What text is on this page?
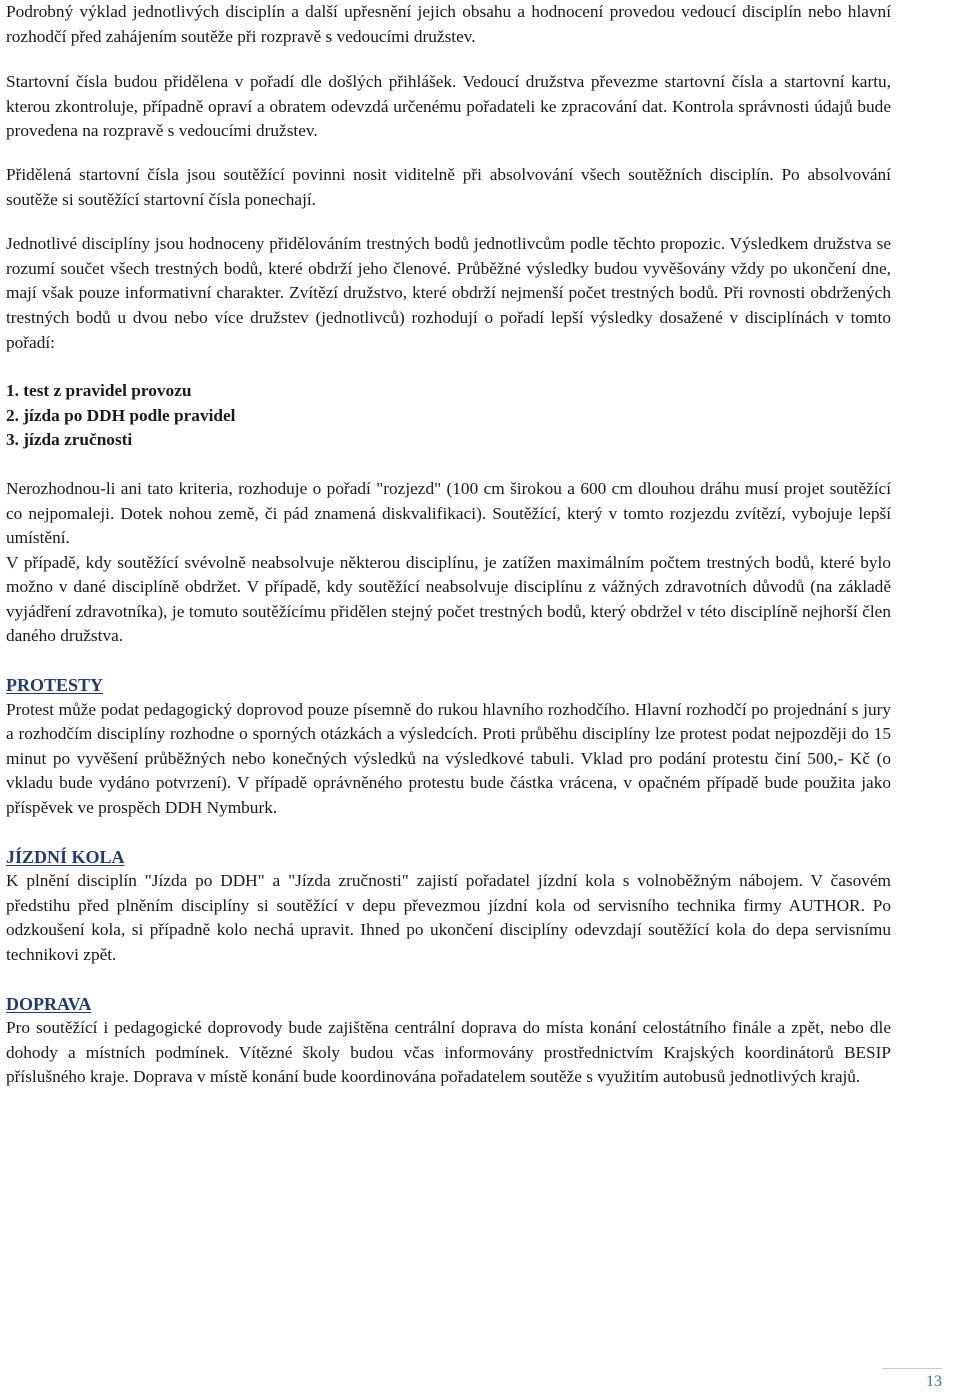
Podrobný výklad jednotlivých disciplín a další upřesnění jejich obsahu a hodnocení provedou vedoucí disciplín nebo hlavní rozhodčí před zahájením soutěže při rozpravě s vedoucími družstev.

Startovní čísla budou přidělena v pořadí dle došlých přihlášek. Vedoucí družstva převezme startovní čísla a startovní kartu, kterou zkontroluje, případně opraví a obratem odevzdá určenému pořadateli ke zpracování dat. Kontrola správnosti údajů bude provedena na rozpravě s vedoucími družstev.

Přidělená startovní čísla jsou soutěžící povinni nosit viditelně při absolvování všech soutěžních disciplín. Po absolvování soutěže si soutěžící startovní čísla ponechají.

Jednotlivé disciplíny jsou hodnoceny přidělováním trestných bodů jednotlivcům podle těchto propozic. Výsledkem družstva se rozumí součet všech trestných bodů, které obdrží jeho členové. Průběžné výsledky budou vyvěšovány vždy po ukončení dne, mají však pouze informativní charakter. Zvítězí družstvo, které obdrží nejmenší počet trestných bodů. Při rovnosti obdržených trestných bodů u dvou nebo více družstev (jednotlivců) rozhodují o pořadí lepší výsledky dosažené v disciplínách v tomto pořadí:

1. test z pravidel provozu
2. jízda po DDH podle pravidel
3. jízda zručnosti

Nerozhodnou-li ani tato kriteria, rozhoduje o pořadí "rozjezd" (100 cm širokou a 600 cm dlouhou dráhu musí projet soutěžící co nejpomaleji. Dotek nohou země, či pád znamená diskvalifikaci). Soutěžící, který v tomto rozjezdu zvítězí, vybojuje lepší umístění.

V případě, kdy soutěžící svévolně neabsolvuje některou disciplínu, je zatížen maximálním počtem trestných bodů, které bylo možno v dané disciplíně obdržet. V případě, kdy soutěžící neabsolvuje disciplínu z vážných zdravotních důvodů (na základě vyjádření zdravotníka), je tomuto soutěžícímu přidělen stejný počet trestných bodů, který obdržel v této disciplíně nejhorší člen daného družstva.

PROTESTY

Protest může podat pedagogický doprovod pouze písemně do rukou hlavního rozhodčího. Hlavní rozhodčí po projednání s jury a rozhodčím disciplíny rozhodne o sporných otázkách a výsledcích. Proti průběhu disciplíny lze protest podat nejpozději do 15 minut po vyvěšení průběžných nebo konečných výsledků na výsledkové tabuli. Vklad pro podání protestu činí 500,- Kč (o vkladu bude vydáno potvrzení). V případě oprávněného protestu bude částka vrácena, v opačném případě bude použita jako příspěvek ve prospěch DDH Nymburk.

JÍZDNÍ KOLA

K plnění disciplín "Jízda po DDH" a "Jízda zručnosti" zajistí pořadatel jízdní kola s volnoběžným nábojem. V časovém předstihu před plněním disciplíny si soutěžící v depu převezmou jízdní kola od servisního technika firmy AUTHOR. Po odzkoušení kola, si případně kolo nechá upravit. Ihned po ukončení disciplíny odevzdají soutěžící kola do depa servisnímu technikovi zpět.

DOPRAVA

Pro soutěžící i pedagogické doprovody bude zajištěna centrální doprava do místa konání celostátního finále a zpět, nebo dle dohody a místních podmínek. Vítězné školy budou včas informovány prostřednictvím Krajských koordinátorů BESIP příslušného kraje. Doprava v místě konání bude koordinována pořadatelem soutěže s využitím autobusů jednotlivých krajů.

13
